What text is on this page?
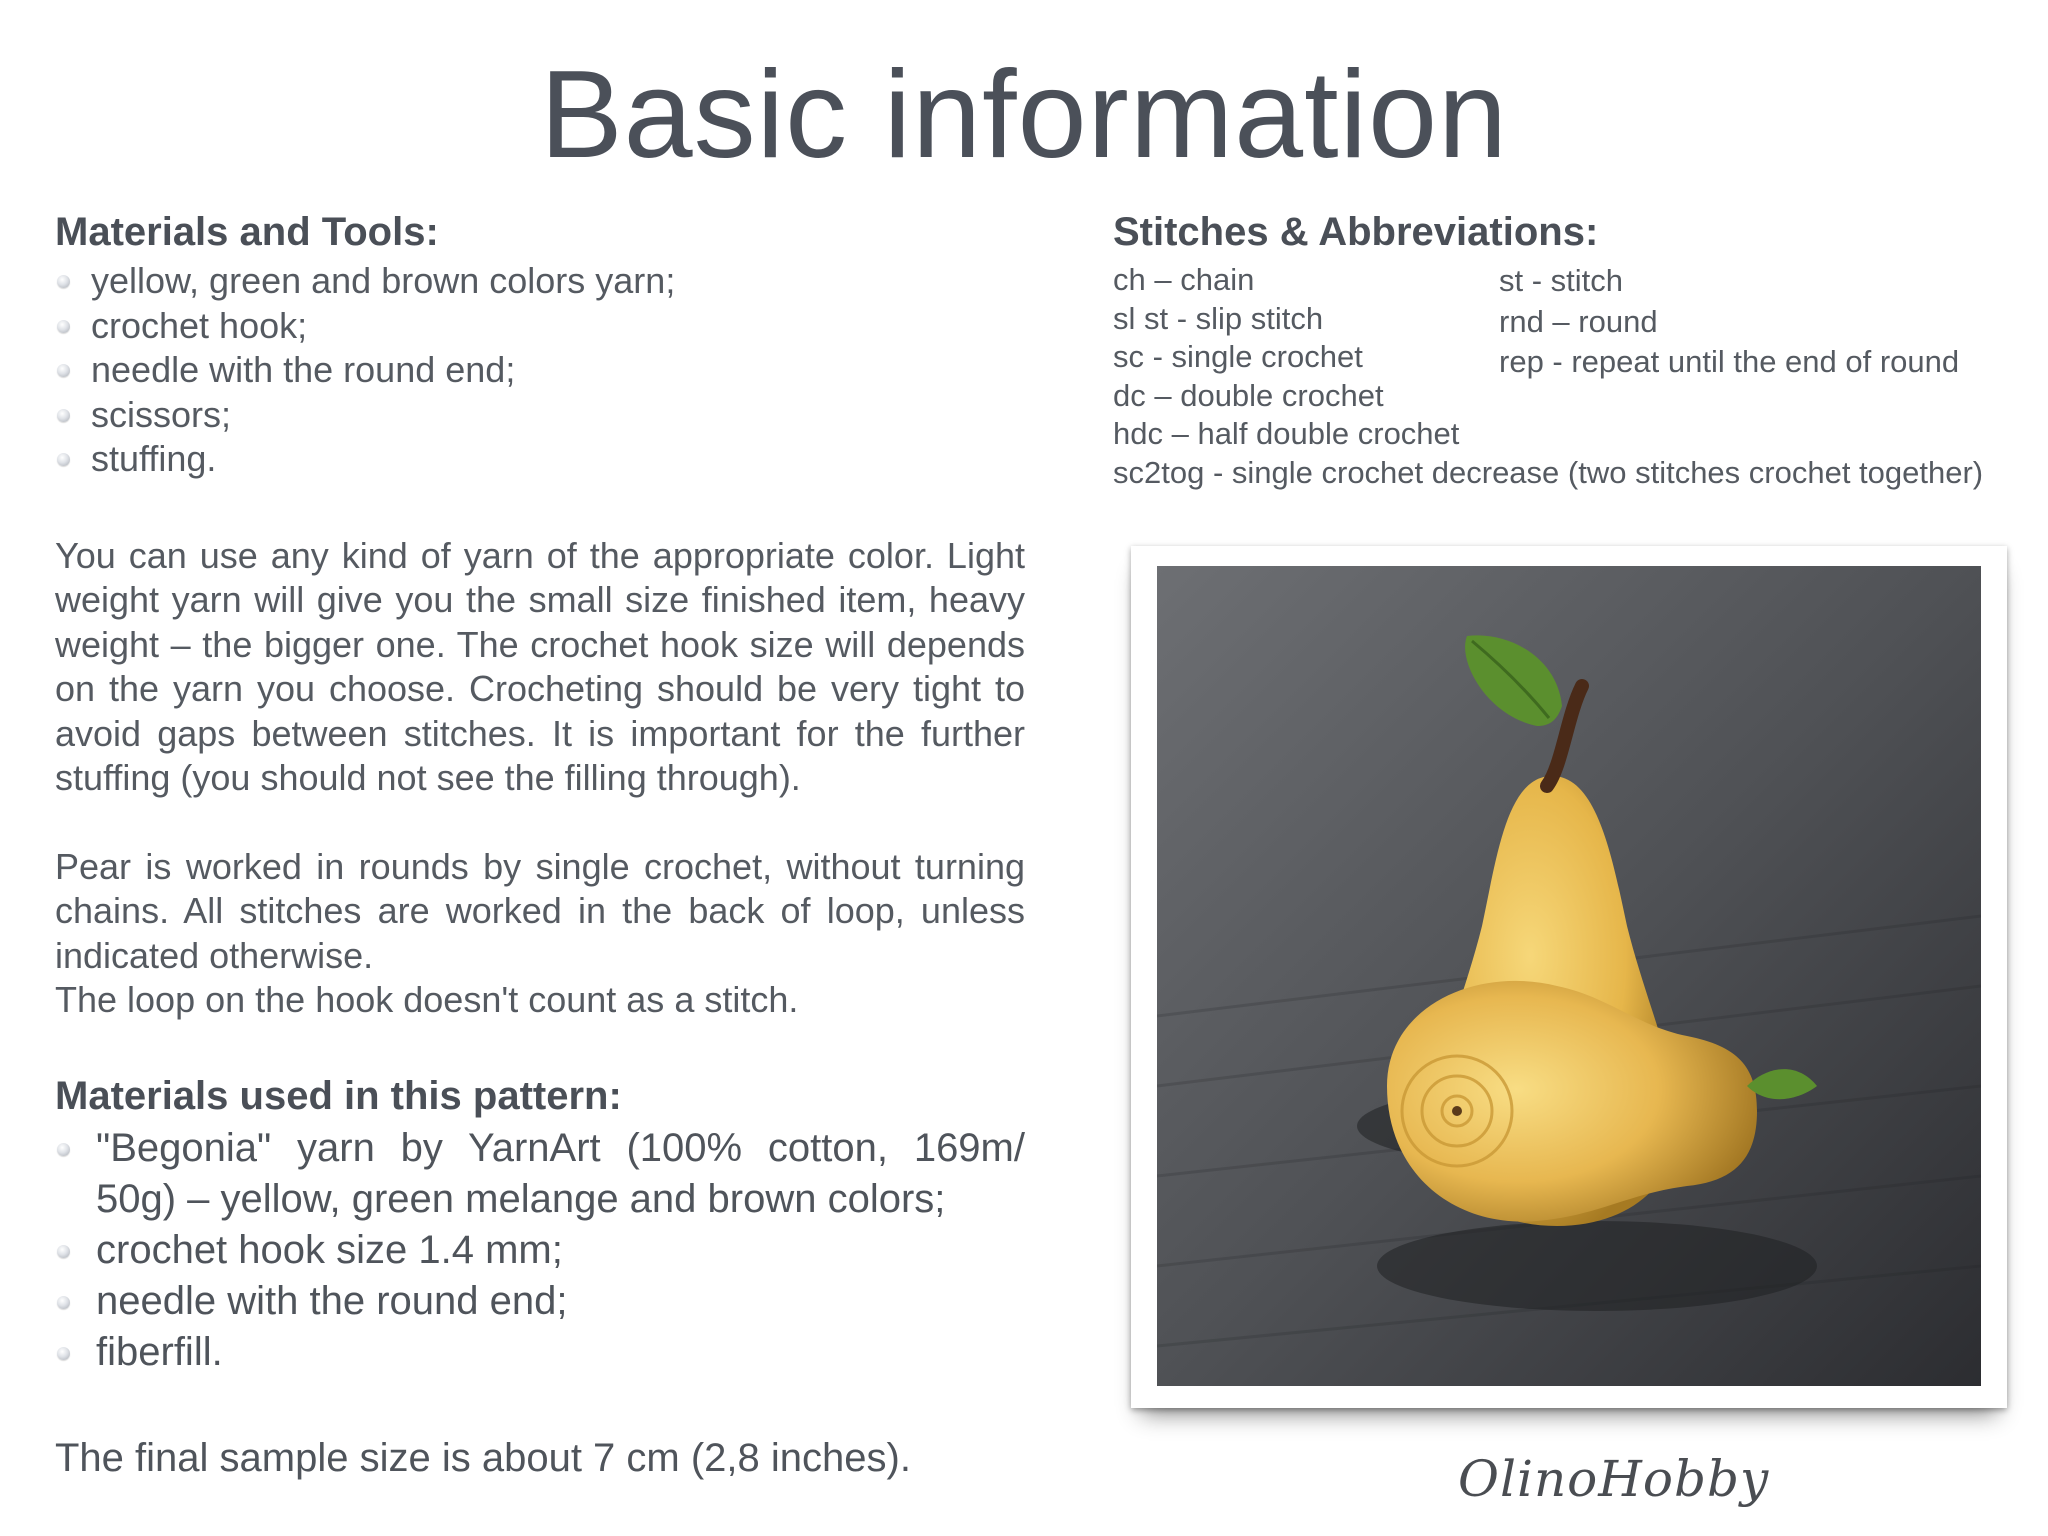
Basic information
Materials and Tools:
yellow, green and brown colors yarn;
crochet hook;
needle with the round end;
scissors;
stuffing.

You can use any kind of yarn of the appropriate color. Light weight yarn will give you the small size finished item, heavy weight – the bigger one. The crochet hook size will depends on the yarn you choose. Crocheting should be very tight to avoid gaps between stitches. It is important for the further stuffing (you should not see the filling through).

Pear is worked in rounds by single crochet, without turning chains. All stitches are worked in the back of loop, unless indicated otherwise.

The loop on the hook doesn't count as a stitch.

Materials used in this pattern:
"Begonia" yarn by YarnArt (100% cotton, 169m/ 50g) – yellow, green melange and brown colors;
crochet hook size 1.4 mm;
needle with the round end;
fiberfill.
The final sample size is about 7 cm (2,8 inches).
Stitches & Abbreviations:
ch – chain
sl st - slip stitch
sc - single crochet
dc – double crochet
hdc – half double crochet
sc2tog - single crochet decrease (two stitches crochet together)
st - stitch
rnd – round
rep - repeat until the end of round
OlinoHobby
